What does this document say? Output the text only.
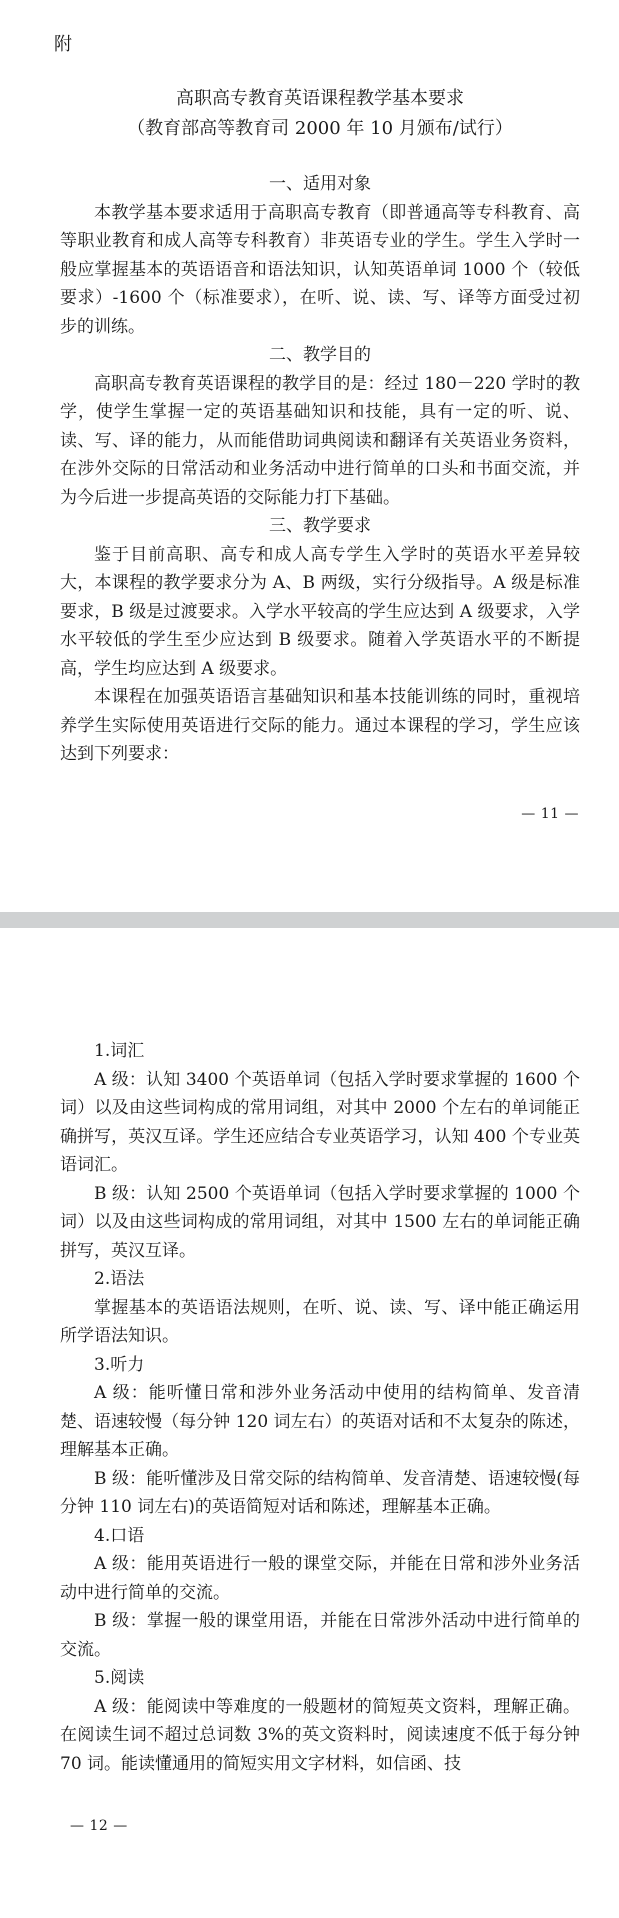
附
高职高专教育英语课程教学基本要求
（教育部高等教育司 2000 年 10 月颁布/试行）

一、适用对象

本教学基本要求适用于高职高专教育（即普通高等专科教育、高等职业教育和成人高等专科教育）非英语专业的学生。学生入学时一般应掌握基本的英语语音和语法知识，认知英语单词 1000 个（较低要求）-1600 个（标准要求），在听、说、读、写、译等方面受过初步的训练。

二、教学目的

高职高专教育英语课程的教学目的是：经过 180－220 学时的教学，使学生掌握一定的英语基础知识和技能，具有一定的听、说、读、写、译的能力，从而能借助词典阅读和翻译有关英语业务资料，在涉外交际的日常活动和业务活动中进行简单的口头和书面交流，并为今后进一步提高英语的交际能力打下基础。

三、教学要求

鉴于目前高职、高专和成人高专学生入学时的英语水平差异较大，本课程的教学要求分为 A、B 两级，实行分级指导。A 级是标准要求，B 级是过渡要求。入学水平较高的学生应达到 A 级要求，入学水平较低的学生至少应达到 B 级要求。随着入学英语水平的不断提高，学生均应达到 A 级要求。

本课程在加强英语语言基础知识和基本技能训练的同时，重视培养学生实际使用英语进行交际的能力。通过本课程的学习，学生应该达到下列要求：

— 11 —

1.词汇

A 级：认知 3400 个英语单词（包括入学时要求掌握的 1600 个词）以及由这些词构成的常用词组，对其中 2000 个左右的单词能正确拼写，英汉互译。学生还应结合专业英语学习，认知 400 个专业英语词汇。

B 级：认知 2500 个英语单词（包括入学时要求掌握的 1000 个词）以及由这些词构成的常用词组，对其中 1500 左右的单词能正确拼写，英汉互译。

2.语法

掌握基本的英语语法规则，在听、说、读、写、译中能正确运用所学语法知识。

3.听力

A 级：能听懂日常和涉外业务活动中使用的结构简单、发音清楚、语速较慢（每分钟 120 词左右）的英语对话和不太复杂的陈述，理解基本正确。

B 级：能听懂涉及日常交际的结构简单、发音清楚、语速较慢(每分钟 110 词左右)的英语简短对话和陈述，理解基本正确。

4.口语

A 级：能用英语进行一般的课堂交际，并能在日常和涉外业务活动中进行简单的交流。

B 级：掌握一般的课堂用语，并能在日常涉外活动中进行简单的交流。

5.阅读

A 级：能阅读中等难度的一般题材的简短英文资料，理解正确。在阅读生词不超过总词数 3%的英文资料时，阅读速度不低于每分钟 70 词。能读懂通用的简短实用文字材料，如信函、技

— 12 —
